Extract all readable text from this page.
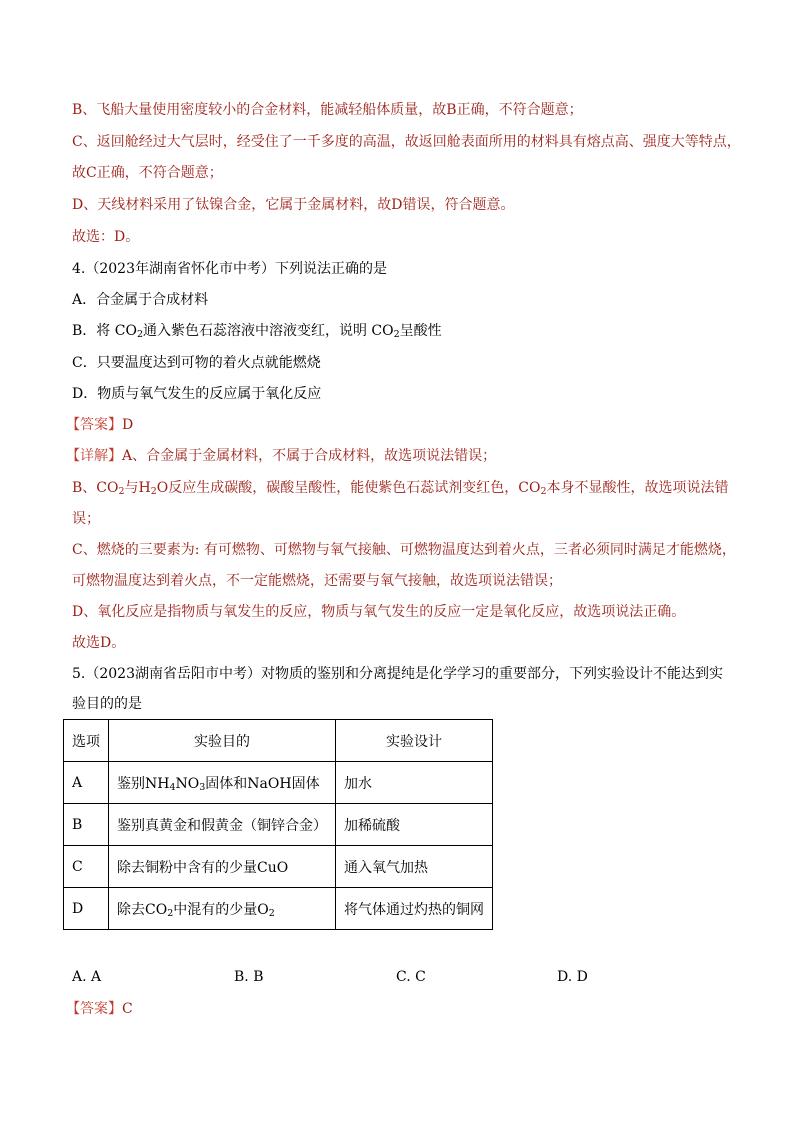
B、飞船大量使用密度较小的合金材料，能减轻船体质量，故B正确，不符合题意；
C、返回舱经过大气层时，经受住了一千多度的高温，故返回舱表面所用的材料具有熔点高、强度大等特点，
故C正确，不符合题意；
D、天线材料采用了钛镍合金，它属于金属材料，故D错误，符合题意。
故选：D。
4.（2023年湖南省怀化市中考）下列说法正确的是
A．合金属于合成材料
B．将 $CO_2$通入紫色石蕊溶液中溶液变红，说明 $CO_2$呈酸性
C．只要温度达到可物的着火点就能燃烧
D．物质与氧气发生的反应属于氧化反应
【答案】D
【详解】A、合金属于金属材料，不属于合成材料，故选项说法错误；
B、$CO_2$与$H_2O$反应生成碳酸，碳酸呈酸性，能使紫色石蕊试剂变红色，$CO_2$本身不显酸性，故选项说法错
误；
C、燃烧的三要素为: 有可燃物、可燃物与氧气接触、可燃物温度达到着火点，三者必须同时满足才能燃烧，
可燃物温度达到着火点，不一定能燃烧，还需要与氧气接触，故选项说法错误；
D、氧化反应是指物质与氧发生的反应，物质与氧气发生的反应一定是氧化反应，故选项说法正确。
故选D。
5.（2023湖南省岳阳市中考）对物质的鉴别和分离提纯是化学学习的重要部分，下列实验设计不能达到实
验目的的是
选项	实验目的	实验设计
A	鉴别$NH_4NO_3$固体和NaOH固体	加水
B	鉴别真黄金和假黄金（铜锌合金）	加稀硫酸
C	除去铜粉中含有的少量CuO	通入氧气加热
D	除去$CO_2$中混有的少量$O_2$	将气体通过灼热的铜网
A. A	B. B	C. C	D. D
【答案】C
